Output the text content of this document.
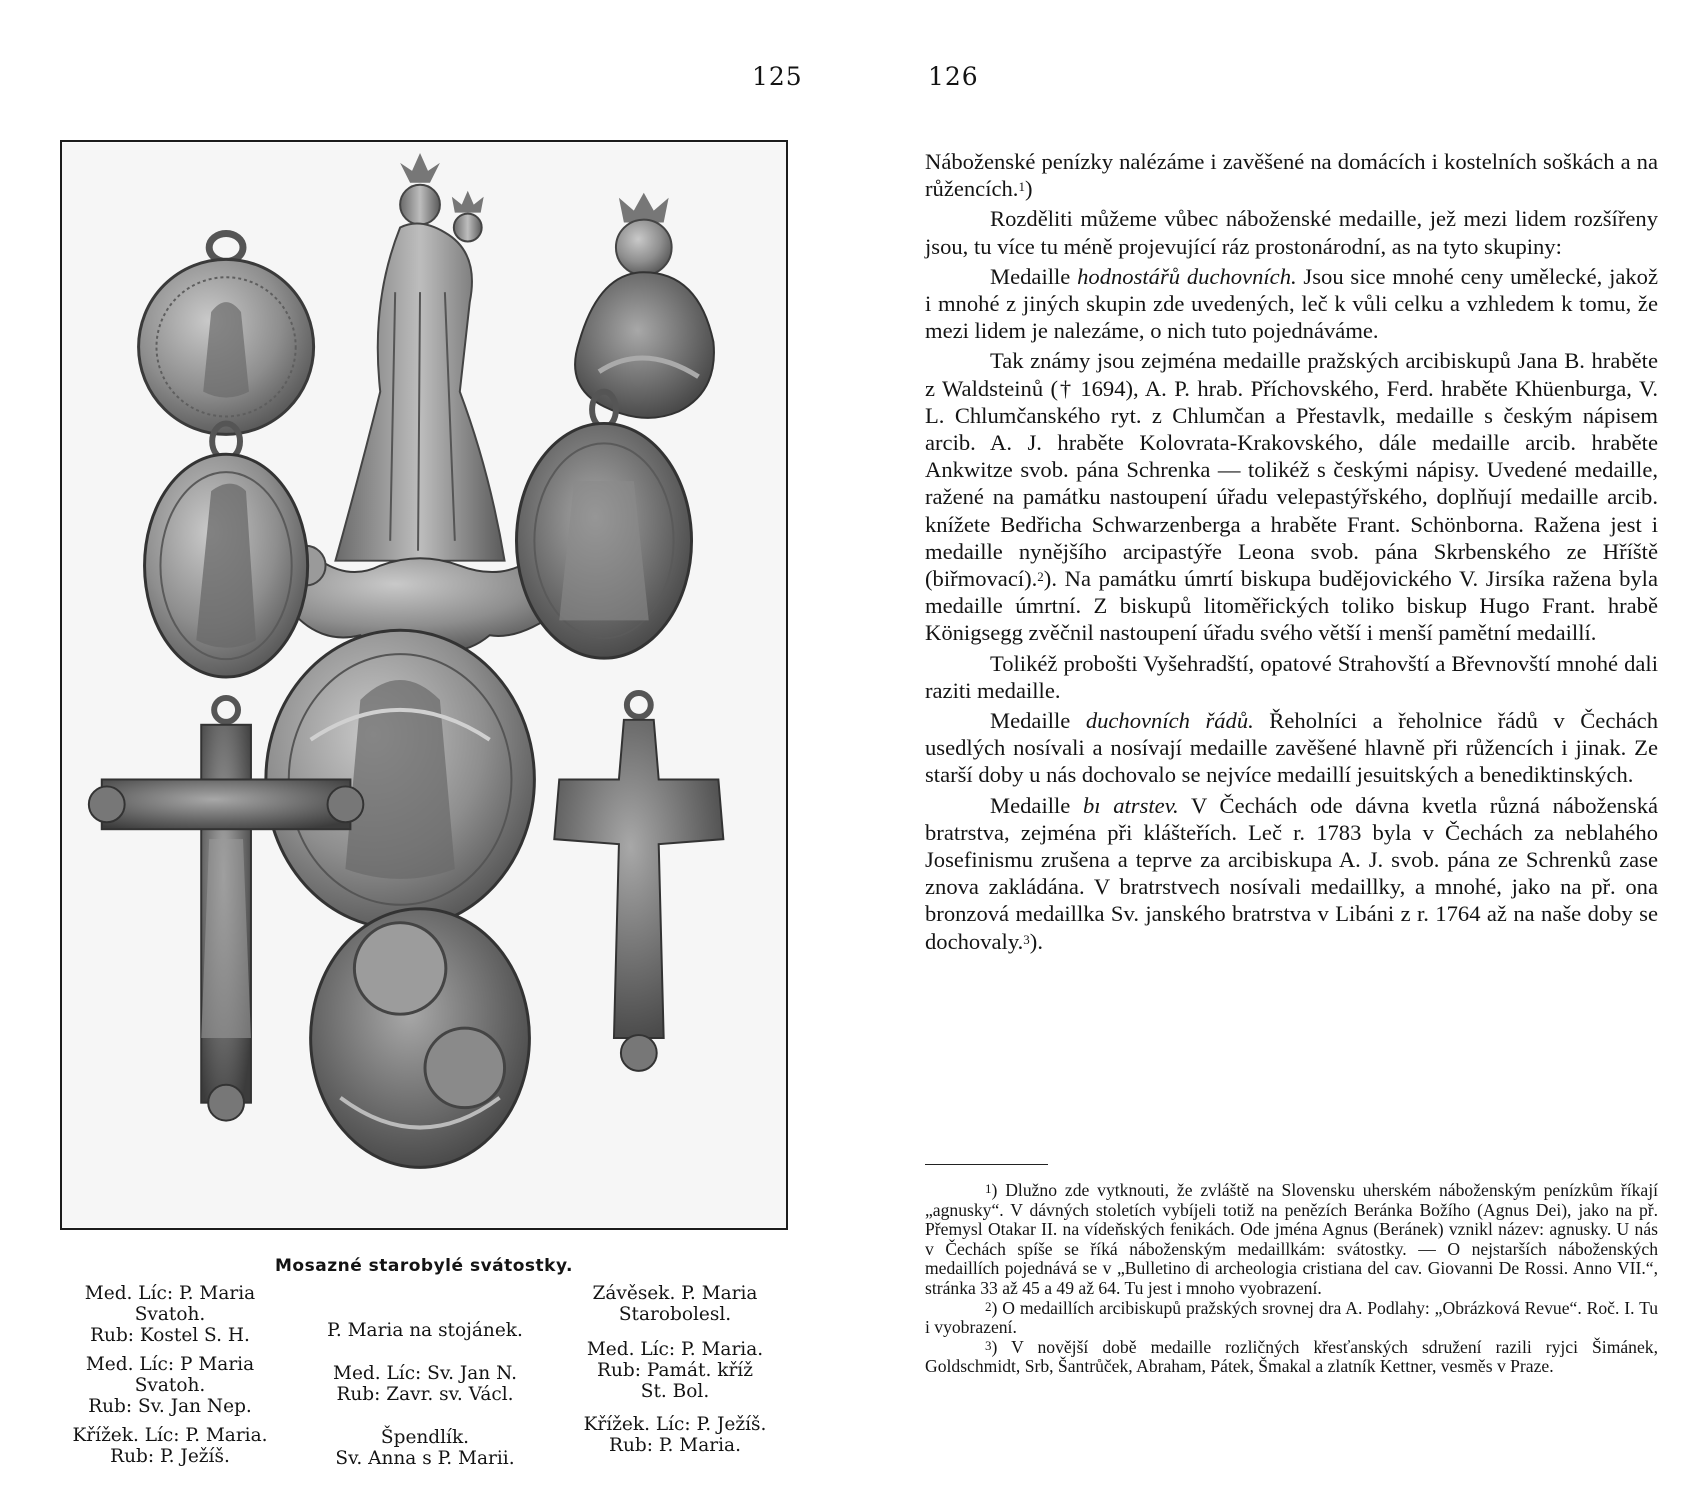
125	126
Mosazné starobylé svátostky.
Med. Líc: P. Maria
Svatoh.
Rub: Kostel S. H.
Med. Líc: P Maria
Svatoh.
Rub: Sv. Jan Nep.
Křížek. Líc: P. Maria.
Rub: P. Ježíš.
P. Maria na stojánek.
Med. Líc: Sv. Jan N.
Rub: Zavr. sv. Václ.
Špendlík.
Sv. Anna s P. Marii.
Závěsek. P. Maria
Starobolesl.
Med. Líc: P. Maria.
Rub: Památ. kříž
St. Bol.
Křížek. Líc: P. Ježíš.
Rub: P. Maria.

Náboženské penízky nalézáme i zavěšené na domácích i kostelních soškách a na růžencích.$^1$)

Rozděliti můžeme vůbec náboženské medaille, jež mezi lidem rozšířeny jsou, tu více tu méně projevující ráz prostonárodní, as na tyto skupiny:

Medaille hodnostářů duchovních. Jsou sice mnohé ceny umělecké, jakož i mnohé z jiných skupin zde uvedených, leč k vůli celku a vzhledem k tomu, že mezi lidem je nalezáme, o nich tuto pojednáváme.

Tak známy jsou zejména medaille pražských arcibiskupů Jana B. hraběte z Waldsteinů († 1694), A. P. hrab. Příchovského, Ferd. hraběte Khüenburga, V. L. Chlumčanského ryt. z Chlumčan a Přestavlk, medaille s českým nápisem arcib. A. J. hraběte Kolovrata-Krakovského, dále medaille arcib. hraběte Ankwitze svob. pána Schrenka — tolikéž s českými nápisy. Uvedené medaille, ražené na památku nastoupení úřadu velepastýřského, doplňují medaille arcib. knížete Bedřicha Schwarzenberga a hraběte Frant. Schönborna. Ražena jest i medaille nynějšího arcipastýře Leona svob. pána Skrbenského ze Hříště (biřmovací).$^2$). Na památku úmrtí biskupa budějovického V. Jirsíka ražena byla medaille úmrtní. Z biskupů litoměřických toliko biskup Hugo Frant. hrabě Königsegg zvěčnil nastoupení úřadu svého větší i menší pamětní medaillí.

Tolikéž probošti Vyšehradští, opatové Strahovští a Břevnovští mnohé dali raziti medaille.

Medaille duchovních řádů. Řeholníci a řeholnice řádů v Čechách usedlých nosívali a nosívají medaille zavěšené hlavně při růžencích i jinak. Ze starší doby u nás dochovalo se nejvíce medaillí jesuitských a benediktinských.

Medaille bı atrstev. V Čechách ode dávna kvetla různá náboženská bratrstva, zejména při klášteřích. Leč r. 1783 byla v Čechách za neblahého Josefinismu zrušena a teprve za arcibiskupa A. J. svob. pána ze Schrenků zase znova zakládána. V bratrstvech nosívali medaillky, a mnohé, jako na př. ona bronzová medaillka Sv. janského bratrstva v Libáni z r. 1764 až na naše doby se dochovaly.$^3$).

$^1$) Dlužno zde vytknouti, že zvláště na Slovensku uherském náboženským penízkům říkají „agnusky“. V dávných stoletích vybíjeli totiž na penězích Beránka Božího (Agnus Dei), jako na př. Přemysl Otakar II. na vídeňských fenikách. Ode jména Agnus (Beránek) vznikl název: agnusky. U nás v Čechách spíše se říká náboženským medaillkám: svátostky. — O nejstarších náboženských medaillích pojednává se v „Bulletino di archeologia cristiana del cav. Giovanni De Rossi. Anno VII.“, stránka 33 až 45 a 49 až 64. Tu jest i mnoho vyobrazení.

$^2$) O medaillích arcibiskupů pražských srovnej dra A. Podlahy: „Obrázková Revue“. Roč. I. Tu i vyobrazení.

$^3$) V novější době medaille rozličných křesťanských sdružení razili ryjci Šimánek, Goldschmidt, Srb, Šantrůček, Abraham, Pátek, Šmakal a zlatník Kettner, vesměs v Praze.
